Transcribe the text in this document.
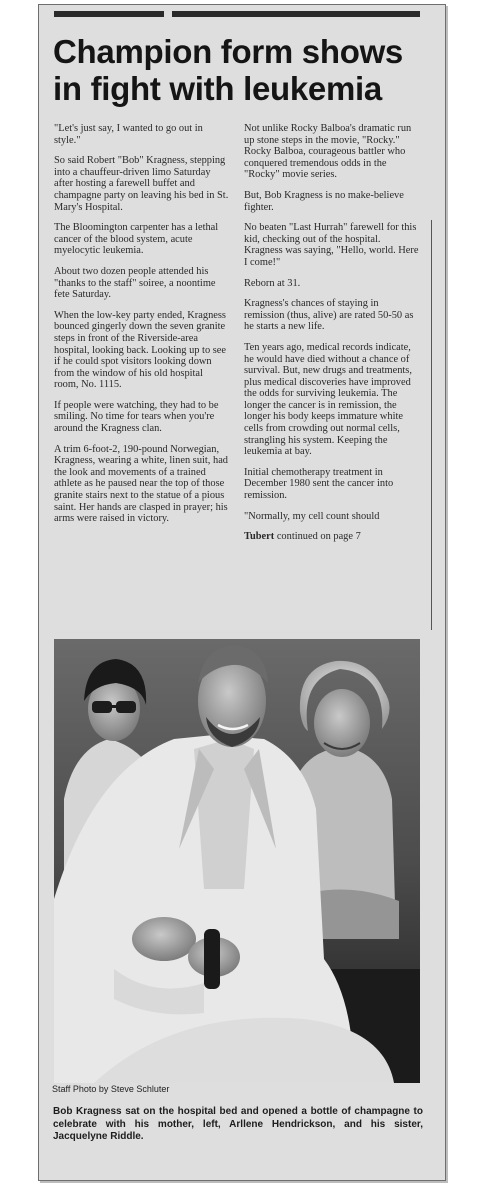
Champion form shows in fight with leukemia

"Let's just say, I wanted to go out in style."

So said Robert "Bob" Kragness, stepping into a chauffeur-driven limo Saturday after hosting a farewell buffet and champagne party on leaving his bed in St. Mary's Hospital.

The Bloomington carpenter has a lethal cancer of the blood system, acute myelocytic leukemia.

About two dozen people attended his "thanks to the staff" soiree, a noontime fete Saturday.

When the low-key party ended, Kragness bounced gingerly down the seven granite steps in front of the Riverside-area hospital, looking back. Looking up to see if he could spot visitors looking down from the window of his old hospital room, No. 1115.

If people were watching, they had to be smiling. No time for tears when you're around the Kragness clan.

A trim 6-foot-2, 190-pound Norwegian, Kragness, wearing a white, linen suit, had the look and movements of a trained athlete as he paused near the top of those granite stairs next to the statue of a pious saint. Her hands are clasped in prayer; his arms were raised in victory.

Not unlike Rocky Balboa's dramatic run up stone steps in the movie, "Rocky." Rocky Balboa, courageous battler who conquered tremendous odds in the "Rocky" movie series.

But, Bob Kragness is no make-believe fighter.

No beaten "Last Hurrah" farewell for this kid, checking out of the hospital. Kragness was saying, "Hello, world. Here I come!"

Reborn at 31.

Kragness's chances of staying in remission (thus, alive) are rated 50-50 as he starts a new life.

Ten years ago, medical records indicate, he would have died without a chance of survival. But, new drugs and treatments, plus medical discoveries have improved the odds for surviving leukemia. The longer the cancer is in remission, the longer his body keeps immature white cells from crowding out normal cells, strangling his system. Keeping the leukemia at bay.

Initial chemotherapy treatment in December 1980 sent the cancer into remission.

"Normally, my cell count should

Tubert continued on page 7

Staff Photo by Steve Schluter

Bob Kragness sat on the hospital bed and opened a bottle of champagne to celebrate with his mother, left, Arllene Hendrickson, and his sister, Jacquelyne Riddle.
